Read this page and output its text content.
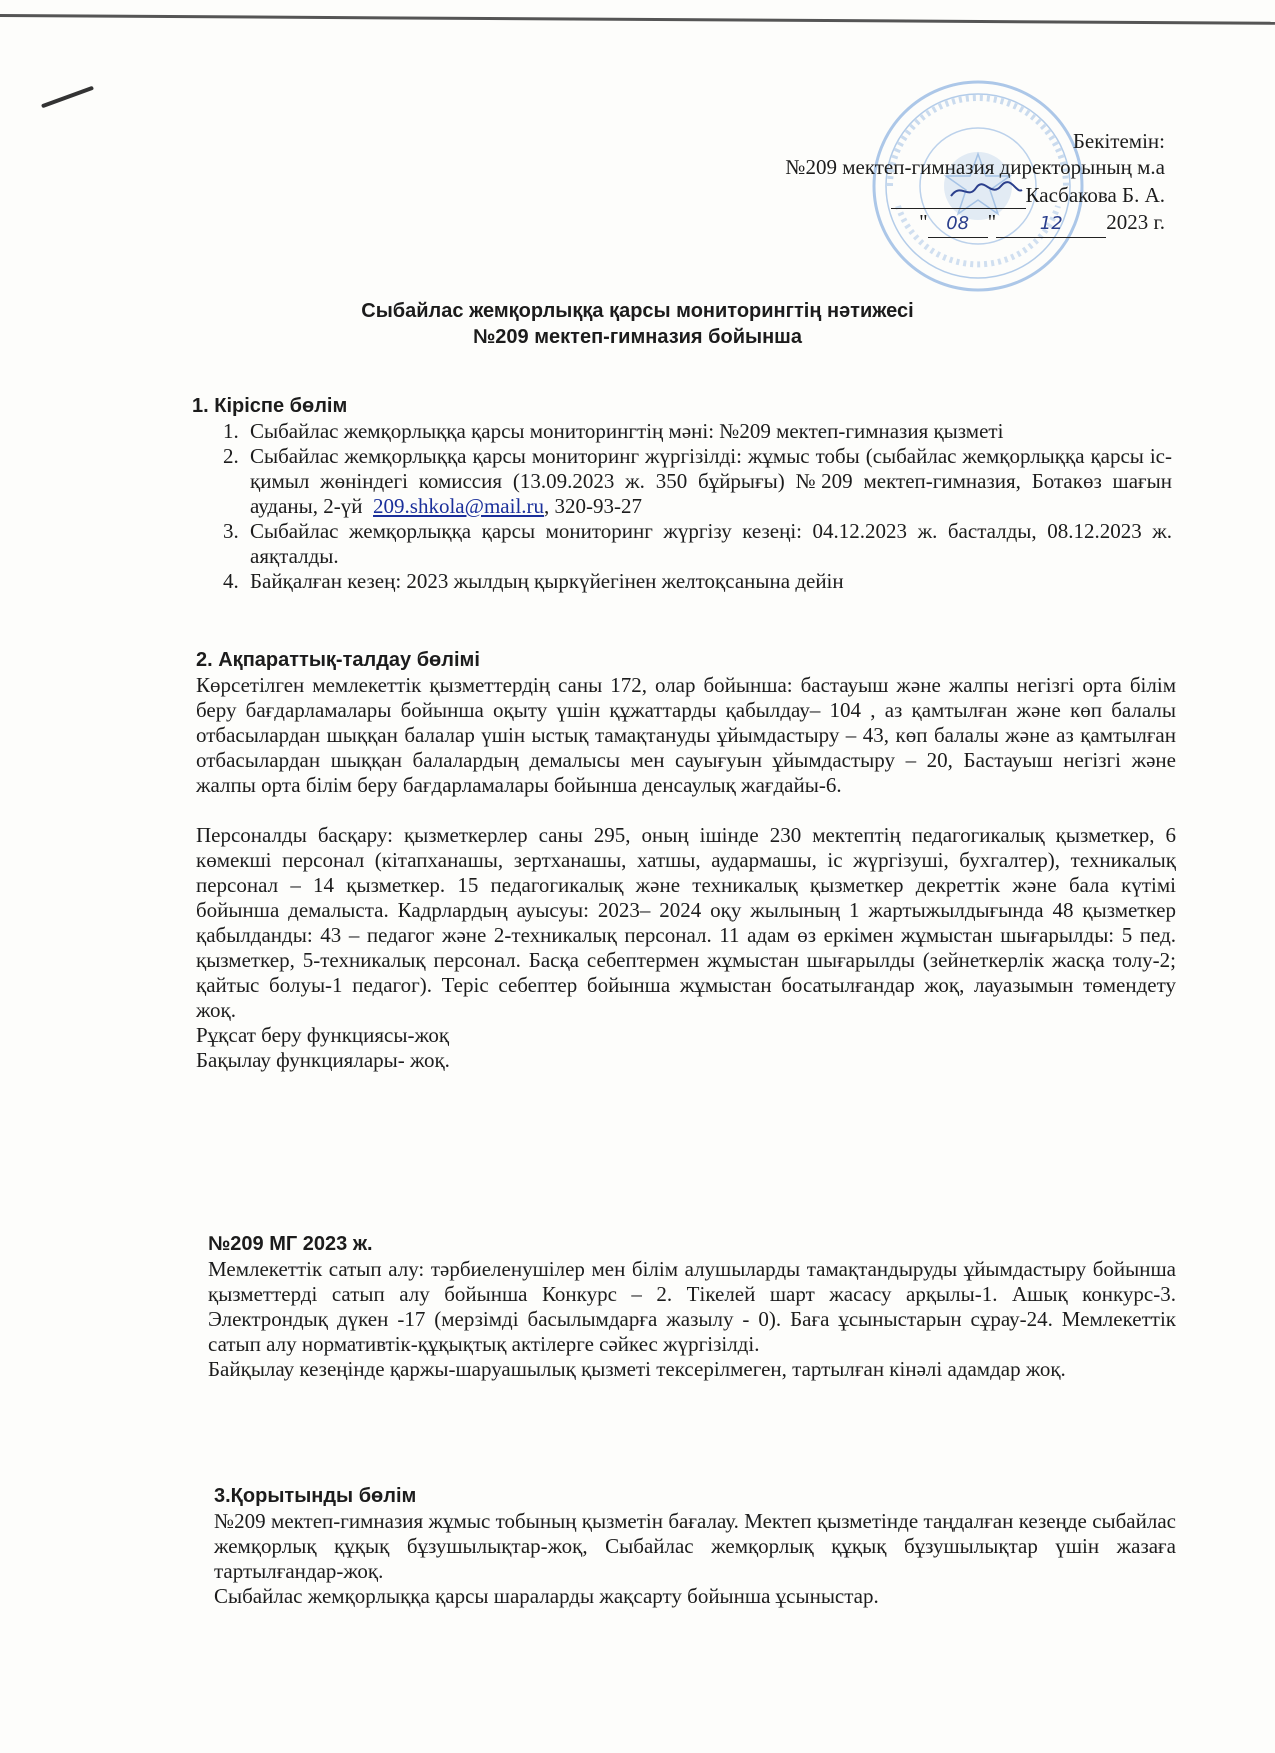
Бекітемін:
№209 мектеп-гимназия директорының м.а
Касбакова Б. А.
" 08 " 12 2023 г.
Сыбайлас жемқорлыққа қарсы мониторингтің нәтижесі
№209 мектеп-гимназия бойынша
1. Кіріспе бөлім
1. Сыбайлас жемқорлыққа қарсы мониторингтің мәні: №209 мектеп-гимназия қызметі
2. Сыбайлас жемқорлыққа қарсы мониторинг жүргізілді: жұмыс тобы (сыбайлас жемқорлыққа қарсы іс-қимыл жөніндегі комиссия (13.09.2023 ж. 350 бұйрығы) №209 мектеп-гимназия, Ботакөз шағын ауданы, 2-үй 209.shkola@mail.ru, 320-93-27
3. Сыбайлас жемқорлыққа қарсы мониторинг жүргізу кезеңі: 04.12.2023 ж. басталды, 08.12.2023 ж. аяқталды.
4. Байқалған кезең: 2023 жылдың қыркүйегінен желтоқсанына дейін
2. Ақпараттық-талдау бөлімі

Көрсетілген мемлекеттік қызметтердің саны 172, олар бойынша: бастауыш және жалпы негізгі орта білім беру бағдарламалары бойынша оқыту үшін құжаттарды қабылдау– 104 , аз қамтылған және көп балалы отбасылардан шыққан балалар үшін ыстық тамақтануды ұйымдастыру – 43, көп балалы және аз қамтылған отбасылардан шыққан балалардың демалысы мен сауығуын ұйымдастыру – 20, Бастауыш негізгі және жалпы орта білім беру бағдарламалары бойынша денсаулық жағдайы-6.

Персоналды басқару: қызметкерлер саны 295, оның ішінде 230 мектептің педагогикалық қызметкер, 6 көмекші персонал (кітапханашы, зертханашы, хатшы, аудармашы, іс жүргізуші, бухгалтер), техникалық персонал – 14 қызметкер. 15 педагогикалық және техникалық қызметкер декреттік және бала күтімі бойынша демалыста. Кадрлардың ауысуы: 2023– 2024 оқу жылының 1 жартыжылдығында 48 қызметкер қабылданды: 43 – педагог және 2-техникалық персонал. 11 адам өз еркімен жұмыстан шығарылды: 5 пед. қызметкер, 5-техникалық персонал. Басқа себептермен жұмыстан шығарылды (зейнеткерлік жасқа толу-2; қайтыс болуы-1 педагог). Теріс себептер бойынша жұмыстан босатылғандар жоқ, лауазымын төмендету жоқ.

Рұқсат беру функциясы-жоқ

Бақылау функциялары- жоқ.

№209 МГ 2023 ж.

Мемлекеттік сатып алу: тәрбиеленушілер мен білім алушыларды тамақтандыруды ұйымдастыру бойынша қызметтерді сатып алу бойынша Конкурс – 2. Тікелей шарт жасасу арқылы-1. Ашық конкурс-3. Электрондық дүкен -17 (мерзімді басылымдарға жазылу - 0). Баға ұсыныстарын сұрау-24. Мемлекеттік сатып алу нормативтік-құқықтық актілерге сәйкес жүргізілді.

Байқылау кезеңінде қаржы-шаруашылық қызметі тексерілмеген, тартылған кінәлі адамдар жоқ.

3.Қорытынды бөлім

№209 мектеп-гимназия жұмыс тобының қызметін бағалау. Мектеп қызметінде таңдалған кезеңде сыбайлас жемқорлық құқық бұзушылықтар-жоқ, Сыбайлас жемқорлық құқық бұзушылықтар үшін жазаға тартылғандар-жоқ.

Сыбайлас жемқорлыққа қарсы шараларды жақсарту бойынша ұсыныстар.
